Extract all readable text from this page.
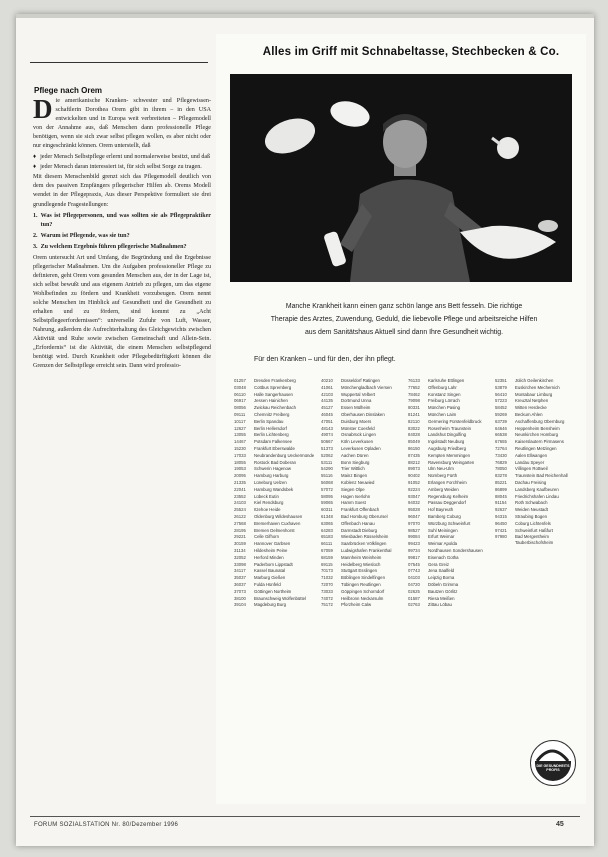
Pflege nach Orem

Die amerikanische Kranken- schwester und Pflegewissen- schaftlerin Dorothea Orem gibt in ihrem – in den USA entwickelten und in Europa weit verbreiteten – Pflegemodell von der Annahme aus, daß Menschen dann professionelle Pflege benötigen, wenn sie sich zwar selbst pflegen wollen, es aber nicht oder nur eingeschränkt können. Orem unterstellt, daß

♦ jeder Mensch Selbstpflege erlernt und normalerweise besitzt, und daß
♦ jeder Mensch daran interessiert ist, für sich selbst Sorge zu tragen.

Mit diesem Menschenbild grenzt sich das Pflegemodell deutlich von dem des passiven Empfängers pflegerischer Hilfen ab. Orems Modell wendet in der Pflegepraxis, Aus dieser Perspektive formuliert sie drei grundlegende Fragestellungen:

1. Was ist Pflegepersonen, und was sollten sie als Pflegepraktiker tun?
2. Warum ist Pflegende, was sie tun?
3. Zu welchem Ergebnis führen pflegerische Maßnahmen?

Orem untersucht Art und Umfang, die Begründung und die Ergebnisse pflegerischer Maßnahmen. Um die Aufgaben professioneller Pflege zu definieren, geht Orem vom gesunden Menschen aus, der in der Lage ist, sich selbst bewußt und aus eigenem Antrieb zu pflegen, um das eigene Wohlbefinden zu fördern und Krankheit vorzubeugen. Orem nennt solche Menschen im Hinblick auf Gesundheit und die Gesundheit zu erhalten und zu fördern, sind kommt zu „Acht Selbstpflegeerfordernissen“: universelle Zufuhr von Luft, Wasser, Nahrung, außerdem die Aufrechterhaltung des Gleichgewichts zwischen Aktivität und Ruhe sowie zwischen Gemeinschaft und Allein-Sein. „Erfordernis“ ist die Aktivität, die einem Menschen selbstpflegend benötigt wird. Durch Krankheit oder Pflegebedürftigkeit können die Grenzen der Selbstpflege erreicht sein. Dann wird professio-

Alles im Griff mit Schnabeltasse, Stechbecken & Co.
Manche Krankheit kann einen ganz schön lange ans Bett fesseln. Die richtige
Therapie des Arztes, Zuwendung, Geduld, die liebevolle Pflege und arbeitsreiche Hilfen
aus dem Sanitätshaus Aktuell sind dann Ihre Gesundheit wichtig.
Für den Kranken – und für den, der ihn pflegt.
01257	Dresden Frankenberg
03048	Cottbus Spremberg
06110	Halle Sangerhausen
06917	Jessen Hainichen
08056	Zwickau Reichenbach
09111	Chemnitz Freiberg
10117	Berlin Spandau
12627	Berlin Hellersdorf
13055	Berlin Lichtenberg
14467	Potsdam Falkensee
15230	Frankfurt Eberswalde
17033	Neubrandenburg Ueckermünde
18055	Rostock Bad Doberan
19053	Schwerin Hagenow
20095	Hamburg Harburg
21335	Lüneburg Uelzen
22041	Hamburg Wandsbek
23552	Lübeck Eutin
24103	Kiel Rendsburg
25524	Itzehoe Heide
26122	Oldenburg Wildeshausen
27568	Bremerhaven Cuxhaven
28195	Bremen Delmenhorst
29221	Celle Gifhorn
30159	Hannover Garbsen
31134	Hildesheim Peine
32052	Herford Minden
33098	Paderborn Lippstadt
34117	Kassel Baunatal
35037	Marburg Gießen
36037	Fulda Hünfeld
37073	Göttingen Northeim
38100	Braunschweig Wolfenbüttel
39104	Magdeburg Burg
40210	Düsseldorf Ratingen
41061	Mönchengladbach Viersen
42103	Wuppertal Velbert
44135	Dortmund Unna
45127	Essen Mülheim
46045	Oberhausen Dinslaken
47051	Duisburg Moers
48143	Münster Coesfeld
49074	Osnabrück Lingen
50667	Köln Leverkusen
51373	Leverkusen Opladen
52062	Aachen Düren
53111	Bonn Siegburg
54290	Trier Wittlich
55116	Mainz Bingen
56068	Koblenz Neuwied
57072	Siegen Olpe
58095	Hagen Iserlohn
59065	Hamm Soest
60311	Frankfurt Offenbach
61348	Bad Homburg Oberursel
63065	Offenbach Hanau
64283	Darmstadt Dieburg
65183	Wiesbaden Rüsselsheim
66111	Saarbrücken Völklingen
67059	Ludwigshafen Frankenthal
68159	Mannheim Weinheim
69115	Heidelberg Wiesloch
70173	Stuttgart Esslingen
71032	Böblingen Sindelfingen
72070	Tübingen Reutlingen
73033	Göppingen Schorndorf
74072	Heilbronn Neckarsulm
75172	Pforzheim Calw
76133	Karlsruhe Ettlingen
77652	Offenburg Lahr
78462	Konstanz Singen
79098	Freiburg Lörrach
80331	München Pasing
81241	München Laim
82110	Germering Fürstenfeldbruck
83022	Rosenheim Traunstein
84028	Landshut Dingolfing
85049	Ingolstadt Neuburg
86150	Augsburg Friedberg
87435	Kempten Memmingen
88212	Ravensburg Weingarten
89073	Ulm Neu-Ulm
90402	Nürnberg Fürth
91052	Erlangen Forchheim
92224	Amberg Weiden
93047	Regensburg Kelheim
94032	Passau Deggendorf
95028	Hof Bayreuth
96047	Bamberg Coburg
97070	Würzburg Schweinfurt
98527	Suhl Meiningen
99084	Erfurt Weimar
99423	Weimar Apolda
99734	Nordhausen Sondershausen
99817	Eisenach Gotha
07545	Gera Greiz
07743	Jena Saalfeld
04103	Leipzig Borna
04720	Döbeln Grimma
02625	Bautzen Görlitz
01587	Riesa Meißen
02763	Zittau Löbau
52351	Jülich Geilenkirchen
53879	Euskirchen Mechernich
56410	Montabaur Limburg
57223	Kreuztal Netphen
58452	Witten Herdecke
59269	Beckum Ahlen
63739	Aschaffenburg Obernburg
64646	Heppenheim Bensheim
66538	Neunkirchen Homburg
67655	Kaiserslautern Pirmasens
72764	Reutlingen Metzingen
73430	Aalen Ellwangen
76829	Landau Speyer
78050	Villingen Rottweil
83278	Traunstein Bad Reichenhall
85221	Dachau Freising
86899	Landsberg Kaufbeuren
88045	Friedrichshafen Lindau
91154	Roth Schwabach
92637	Weiden Neustadt
94315	Straubing Bogen
96450	Coburg Lichtenfels
97421	Schweinfurt Haßfurt
97980	Bad Mergentheim Tauberbischofsheim
DIE GESUNDHEITS PROFIS
FORUM SOZIALSTATION Nr. 80/Dezember 1996	45
